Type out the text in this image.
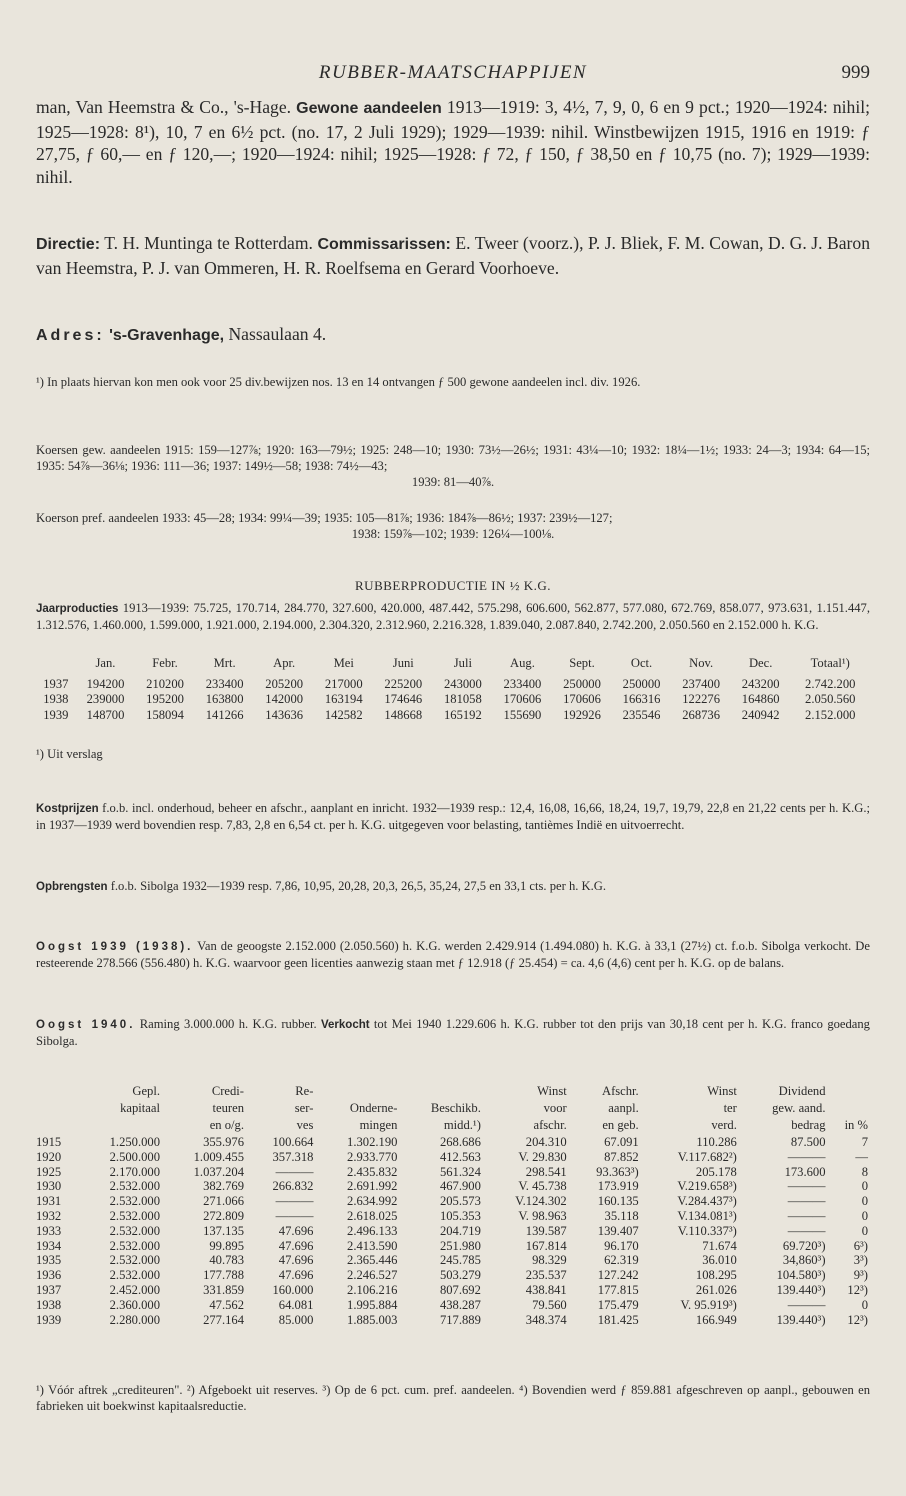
RUBBER-MAATSCHAPPIJEN	999
man, Van Heemstra & Co., 's-Hage. Gewone aandeelen 1913—1919: 3, 4½, 7, 9, 0, 6 en 9 pct.; 1920—1924: nihil; 1925—1928: 8¹), 10, 7 en 6½ pct. (no. 17, 2 Juli 1929); 1929—1939: nihil. Winstbewijzen 1915, 1916 en 1919: ƒ 27,75, ƒ 60,— en ƒ 120,—; 1920—1924: nihil; 1925—1928: ƒ 72, ƒ 150, ƒ 38,50 en ƒ 10,75 (no. 7); 1929—1939: nihil.
Directie: T. H. Muntinga te Rotterdam. Commissarissen: E. Tweer (voorz.), P. J. Bliek, F. M. Cowan, D. G. J. Baron van Heemstra, P. J. van Ommeren, H. R. Roelfsema en Gerard Voorhoeve.
Adres: 's-Gravenhage, Nassaulaan 4.
¹) In plaats hiervan kon men ook voor 25 div.bewijzen nos. 13 en 14 ontvangen ƒ 500 gewone aandeelen incl. div. 1926.
Koersen gew. aandeelen 1915: 159—127⅞; 1920: 163—79½; 1925: 248—10; 1930: 73½—26½; 1931: 43¼—10; 1932: 18¼—1½; 1933: 24—3; 1934: 64—15; 1935: 54⅞—36⅛; 1936: 111—36; 1937: 149½—58; 1938: 74½—43;
1939: 81—40⅞.
Koerson pref. aandeelen 1933: 45—28; 1934: 99¼—39; 1935: 105—81⅞; 1936: 184⅞—86½; 1937: 239½—127;
1938: 159⅞—102; 1939: 126¼—100⅛.
RUBBERPRODUCTIE IN ½ K.G.
Jaarproducties 1913—1939: 75.725, 170.714, 284.770, 327.600, 420.000, 487.442, 575.298, 606.600, 562.877, 577.080, 672.769, 858.077, 973.631, 1.151.447, 1.312.576, 1.460.000, 1.599.000, 1.921.000, 2.194.000, 2.304.320, 2.312.960, 2.216.328, 1.839.040, 2.087.840, 2.742.200, 2.050.560 en 2.152.000 h. K.G.
	Jan.	Febr.	Mrt.	Apr.	Mei	Juni	Juli	Aug.	Sept.	Oct.	Nov.	Dec.	Totaal¹)
1937	194200	210200	233400	205200	217000	225200	243000	233400	250000	250000	237400	243200	2.742.200
1938	239000	195200	163800	142000	163194	174646	181058	170606	170606	166316	122276	164860	2.050.560
1939	148700	158094	141266	143636	142582	148668	165192	155690	192926	235546	268736	240942	2.152.000
¹) Uit verslag
Kostprijzen f.o.b. incl. onderhoud, beheer en afschr., aanplant en inricht. 1932—1939 resp.: 12,4, 16,08, 16,66, 18,24, 19,7, 19,79, 22,8 en 21,22 cents per h. K.G.; in 1937—1939 werd bovendien resp. 7,83, 2,8 en 6,54 ct. per h. K.G. uitgegeven voor belasting, tantièmes Indië en uitvoerrecht.
Opbrengsten f.o.b. Sibolga 1932—1939 resp. 7,86, 10,95, 20,28, 20,3, 26,5, 35,24, 27,5 en 33,1 cts. per h. K.G.
Oogst 1939 (1938). Van de geoogste 2.152.000 (2.050.560) h. K.G. werden 2.429.914 (1.494.080) h. K.G. à 33,1 (27½) ct. f.o.b. Sibolga verkocht. De resteerende 278.566 (556.480) h. K.G. waarvoor geen licenties aanwezig staan met ƒ 12.918 (ƒ 25.454) = ca. 4,6 (4,6) cent per h. K.G. op de balans.
Oogst 1940. Raming 3.000.000 h. K.G. rubber. Verkocht tot Mei 1940 1.229.606 h. K.G. rubber tot den prijs van 30,18 cent per h. K.G. franco goedang Sibolga.
	Gepl.	Credi-	Re-			Winst	Afschr.	Winst	Dividend	
	kapitaal	teuren	ser-	Onderne-	Beschikb.	voor	aanpl.	ter	gew. aand.	
		en o/g.	ves	mingen	midd.¹)	afschr.	en geb.	verd.	bedrag	in %
1915	1.250.000	355.976	100.664	1.302.190	268.686	204.310	67.091	110.286	87.500	7
1920	2.500.000	1.009.455	357.318	2.933.770	412.563	V. 29.830	87.852	V.117.682²)	———	—
1925	2.170.000	1.037.204	———	2.435.832	561.324	298.541	93.363³)	205.178	173.600	8
1930	2.532.000	382.769	266.832	2.691.992	467.900	V. 45.738	173.919	V.219.658³)	———	0
1931	2.532.000	271.066	———	2.634.992	205.573	V.124.302	160.135	V.284.437³)	———	0
1932	2.532.000	272.809	———	2.618.025	105.353	V. 98.963	35.118	V.134.081³)	———	0
1933	2.532.000	137.135	47.696	2.496.133	204.719	139.587	139.407	V.110.337³)	———	0
1934	2.532.000	99.895	47.696	2.413.590	251.980	167.814	96.170	71.674	69.720³)	6³)
1935	2.532.000	40.783	47.696	2.365.446	245.785	98.329	62.319	36.010	34,860³)	3³)
1936	2.532.000	177.788	47.696	2.246.527	503.279	235.537	127.242	108.295	104.580³)	9³)
1937	2.452.000	331.859	160.000	2.106.216	807.692	438.841	177.815	261.026	139.440³)	12³)
1938	2.360.000	47.562	64.081	1.995.884	438.287	79.560	175.479	V. 95.919³)	———	0
1939	2.280.000	277.164	85.000	1.885.003	717.889	348.374	181.425	166.949	139.440³)	12³)
¹) Vóór aftrek „crediteuren". ²) Afgeboekt uit reserves. ³) Op de 6 pct. cum. pref. aandeelen. ⁴) Bovendien werd ƒ 859.881 afgeschreven op aanpl., gebouwen en fabrieken uit boekwinst kapitaalsreductie.
